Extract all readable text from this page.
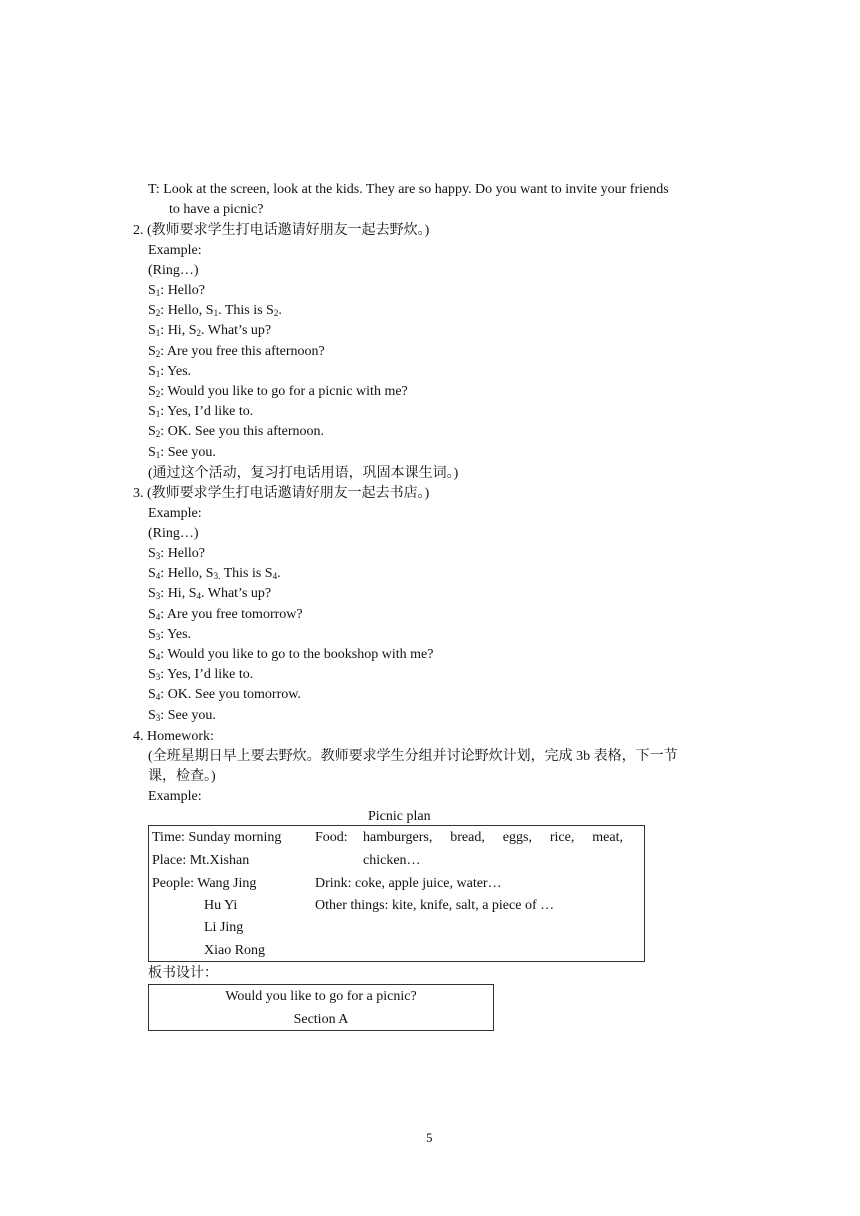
T: Look at the screen, look at the kids. They are so happy. Do you want to invite your friends
to have a picnic?
2. (教师要求学生打电话邀请好朋友一起去野炊。)
Example:
(Ring…)
$S_1$: Hello?
$S_2$: Hello, $S_1$. This is $S_2$.
$S_1$: Hi, $S_2$. What’s up?
$S_2$: Are you free this afternoon?
$S_1$: Yes.
$S_2$: Would you like to go for a picnic with me?
$S_1$: Yes, I’d like to.
$S_2$: OK. See you this afternoon.
$S_1$: See you.
(通过这个活动，复习打电话用语，巩固本课生词。)
3. (教师要求学生打电话邀请好朋友一起去书店。)
Example:
(Ring…)
$S_3$: Hello?
$S_4$: Hello, $S_{3.}$ This is $S_4$.
$S_3$: Hi, $S_4$. What’s up?
$S_4$: Are you free tomorrow?
$S_3$: Yes.
$S_4$: Would you like to go to the bookshop with me?
$S_3$: Yes, I’d like to.
$S_4$: OK. See you tomorrow.
$S_3$: See you.
4. Homework:
(全班星期日早上要去野炊。教师要求学生分组并讨论野炊计划，完成 3b 表格，下一节
课，检查。)
Example:
Picnic plan
Time: Sunday morning
Place: Mt.Xishan
People: Wang Jing
Hu Yi
Li Jing
Xiao Rong
Food: hamburgers, bread, eggs, rice, meat,
chicken…
Drink: coke, apple juice, water…
Other things: kite, knife, salt, a piece of …
板书设计：
Would you like to go for a picnic?
Section A
5
